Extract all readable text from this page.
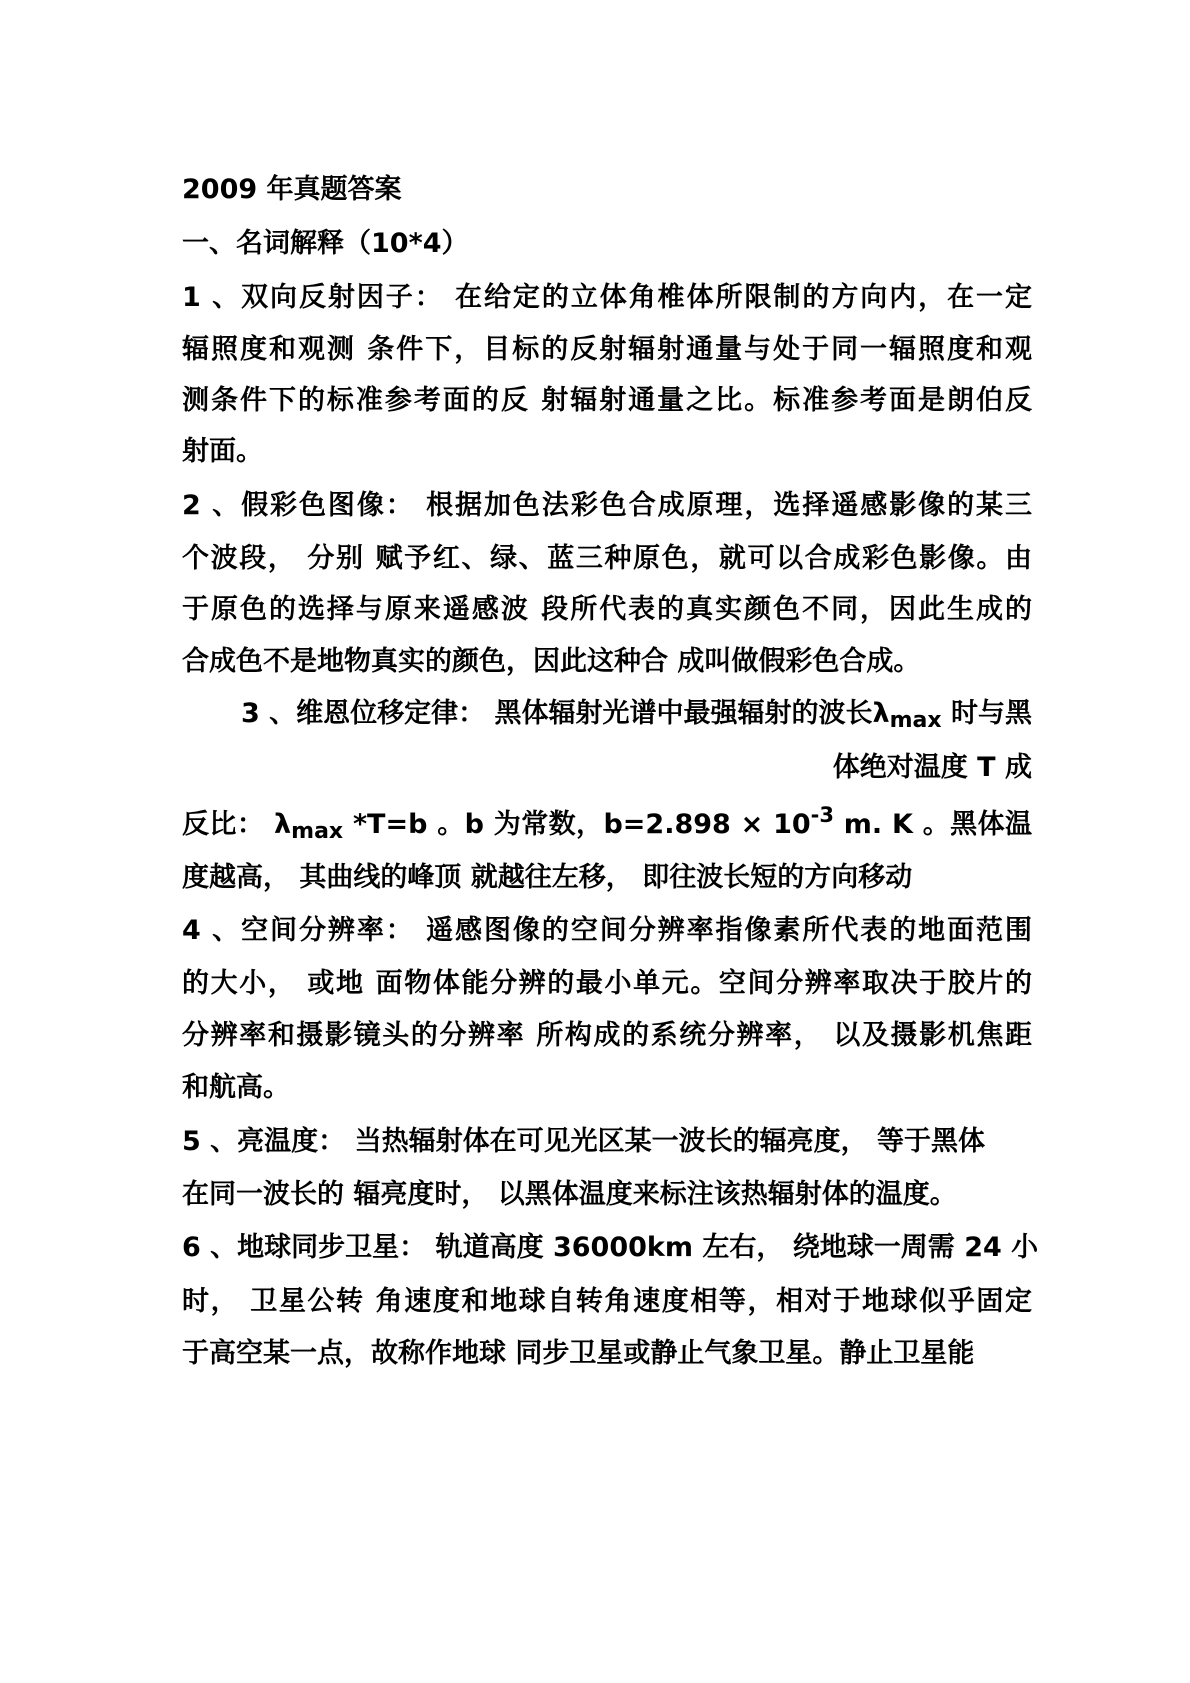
2009 年真题答案
一、名词解释（10*4）
1 、双向反射因子： 在给定的立体角椎体所限制的方向内，在一定
辐照度和观测 条件下，目标的反射辐射通量与处于同一辐照度和观
测条件下的标准参考面的反 射辐射通量之比。标准参考面是朗伯反
射面。
2 、假彩色图像： 根据加色法彩色合成原理，选择遥感影像的某三
个波段， 分别 赋予红、绿、蓝三种原色，就可以合成彩色影像。由
于原色的选择与原来遥感波 段所代表的真实颜色不同，因此生成的
合成色不是地物真实的颜色，因此这种合 成叫做假彩色合成。
3 、维恩位移定律： 黑体辐射光谱中最强辐射的波长λmax 时与黑
体绝对温度 T 成
反比： λmax *T=b 。b 为常数，$b=2.898 \times 10^{-3}$ m. K 。黑体温
度越高， 其曲线的峰顶 就越往左移， 即往波长短的方向移动
4 、空间分辨率： 遥感图像的空间分辨率指像素所代表的地面范围
的大小， 或地 面物体能分辨的最小单元。空间分辨率取决于胶片的
分辨率和摄影镜头的分辨率 所构成的系统分辨率， 以及摄影机焦距
和航高。
5 、亮温度： 当热辐射体在可见光区某一波长的辐亮度， 等于黑体
在同一波长的 辐亮度时， 以黑体温度来标注该热辐射体的温度。
6 、地球同步卫星： 轨道高度 36000km 左右， 绕地球一周需 24 小
时， 卫星公转 角速度和地球自转角速度相等，相对于地球似乎固定
于高空某一点，故称作地球 同步卫星或静止气象卫星。静止卫星能
